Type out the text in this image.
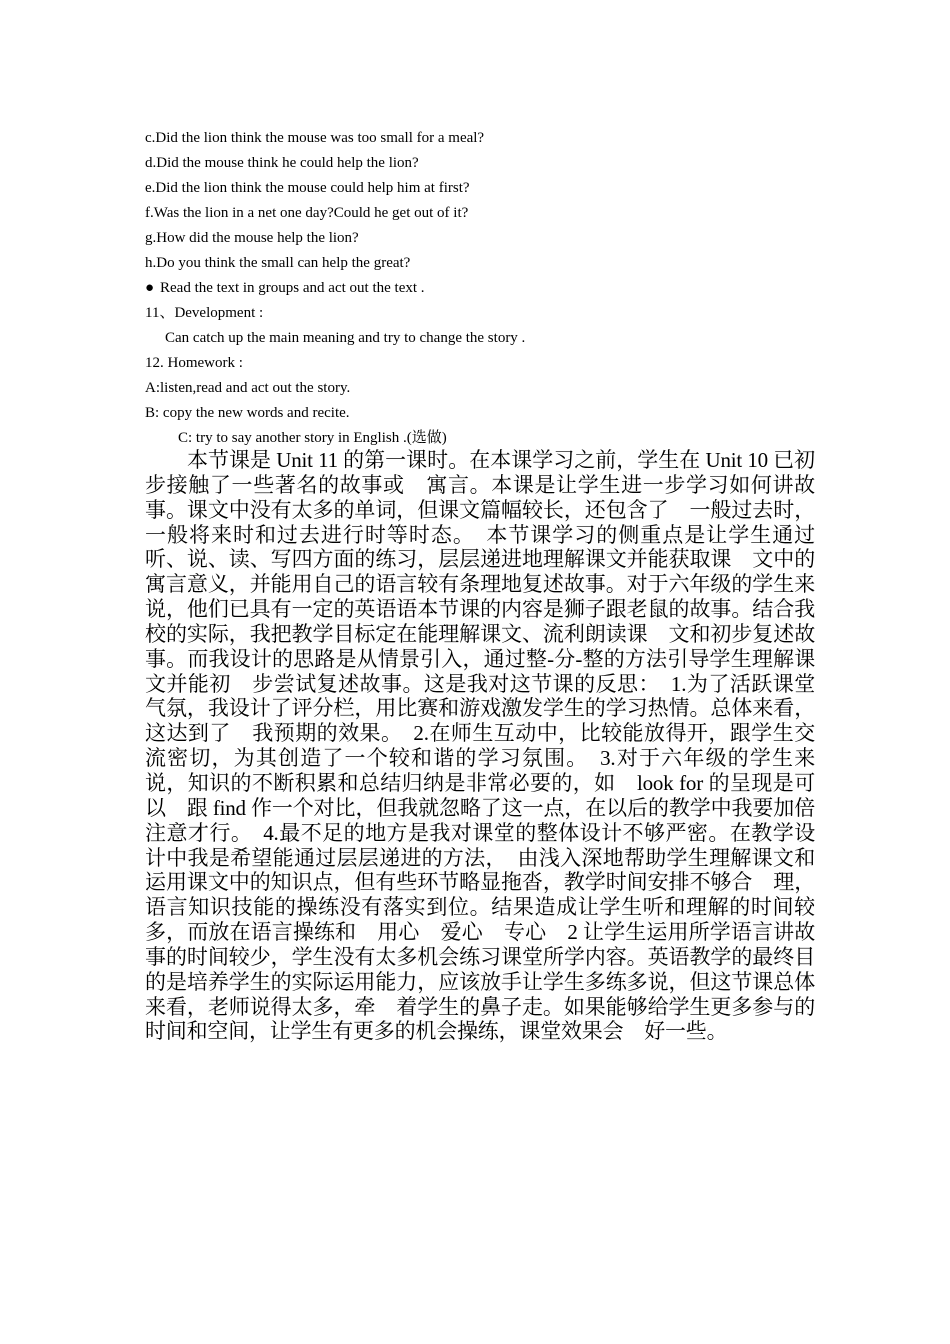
c.Did the lion think the mouse was too small for a meal?
d.Did the mouse think he could help the lion?
e.Did the lion think the mouse could help him at first?
f.Was the lion in a net one day?Could he get out of it?
g.How did the mouse help the lion?
h.Do you think the small can help the great?
● Read the text in groups and act out the text .
11、Development :
Can catch up the main meaning and try to change the story .
12. Homework :
A:listen,read and act out the story.
B: copy the new words and recite.
C: try to say another story in English .(选做)
本节课是 Unit 11 的第一课时。在本课学习之前，学生在 Unit 10 已初步接触了一些著名的故事或　寓言。本课是让学生进一步学习如何讲故事。课文中没有太多的单词，但课文篇幅较长，还包含了　一般过去时，一般将来时和过去进行时等时态。　本节课学习的侧重点是让学生通过听、说、读、写四方面的练习，层层递进地理解课文并能获取课　文中的寓言意义，并能用自己的语言较有条理地复述故事。对于六年级的学生来说，他们已具有一定的英语语本节课的内容是狮子跟老鼠的故事。结合我校的实际，我把教学目标定在能理解课文、流利朗读课　文和初步复述故事。而我设计的思路是从情景引入，通过整-分-整的方法引导学生理解课文并能初　步尝试复述故事。这是我对这节课的反思：　1.为了活跃课堂气氛，我设计了评分栏，用比赛和游戏激发学生的学习热情。总体来看，这达到了　我预期的效果。　2.在师生互动中，比较能放得开，跟学生交流密切，为其创造了一个较和谐的学习氛围。　3.对于六年级的学生来说，知识的不断积累和总结归纳是非常必要的，如　look for 的呈现是可以　跟 find 作一个对比，但我就忽略了这一点，在以后的教学中我要加倍注意才行。　4.最不足的地方是我对课堂的整体设计不够严密。在教学设计中我是希望能通过层层递进的方法，　由浅入深地帮助学生理解课文和运用课文中的知识点，但有些环节略显拖沓，教学时间安排不够合　理，语言知识技能的操练没有落实到位。结果造成让学生听和理解的时间较多，而放在语言操练和　用心　爱心　专心　2 让学生运用所学语言讲故事的时间较少，学生没有太多机会练习课堂所学内容。英语教学的最终目　的是培养学生的实际运用能力，应该放手让学生多练多说，但这节课总体来看，老师说得太多，牵　着学生的鼻子走。如果能够给学生更多参与的时间和空间，让学生有更多的机会操练，课堂效果会　好一些。
